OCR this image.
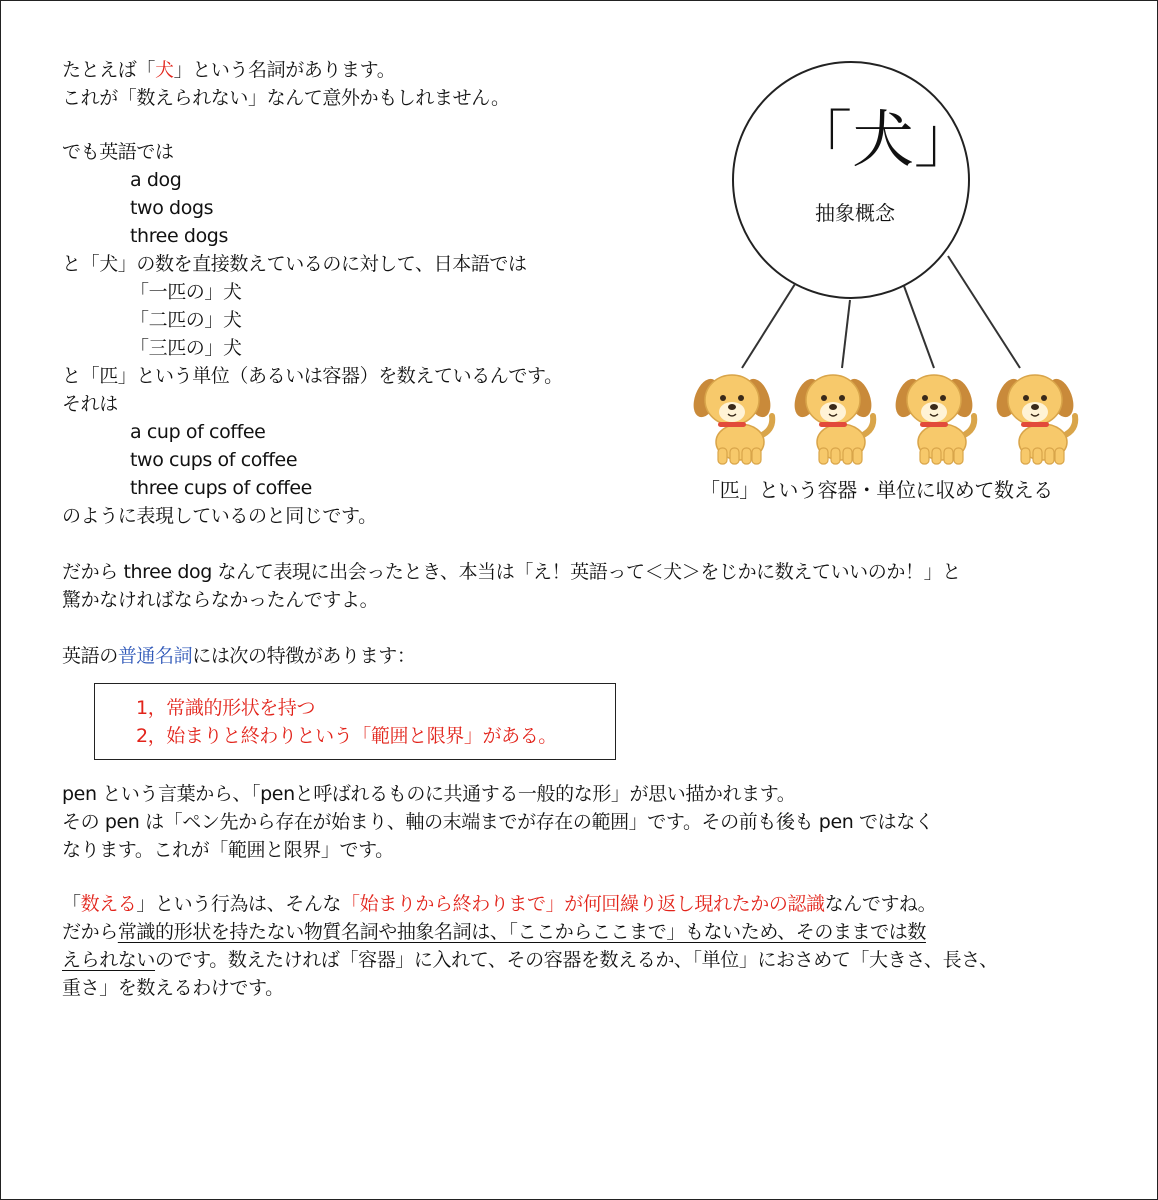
たとえば「犬」という名詞があります。
これが「数えられない」なんて意外かもしれません。
でも英語では
a dog
two dogs
three dogs
と「犬」の数を直接数えているのに対して、日本語では
「一匹の」犬
「二匹の」犬
「三匹の」犬
と「匹」という単位（あるいは容器）を数えているんです。
それは
a cup of coffee
two cups of coffee
three cups of coffee
のように表現しているのと同じです。
だから three dog なんて表現に出会ったとき、本当は「え！英語って＜犬＞をじかに数えていいのか！」と
驚かなければならなかったんですよ。
英語の普通名詞には次の特徴があります：
1，常識的形状を持つ
2，始まりと終わりという「範囲と限界」がある。
pen という言葉から、「penと呼ばれるものに共通する一般的な形」が思い描かれます。
その pen は「ペン先から存在が始まり、軸の末端までが存在の範囲」です。その前も後も pen ではなく
なります。これが「範囲と限界」です。
「数える」という行為は、そんな「始まりから終わりまで」が何回繰り返し現れたかの認識なんですね。
だから常識的形状を持たない物質名詞や抽象名詞は、「ここからここまで」もないため、そのままでは数
えられないのです。数えたければ「容器」に入れて、その容器を数えるか、「単位」におさめて「大きさ、長さ、
重さ」を数えるわけです。
「犬」
抽象概念
「匹」という容器・単位に収めて数える
